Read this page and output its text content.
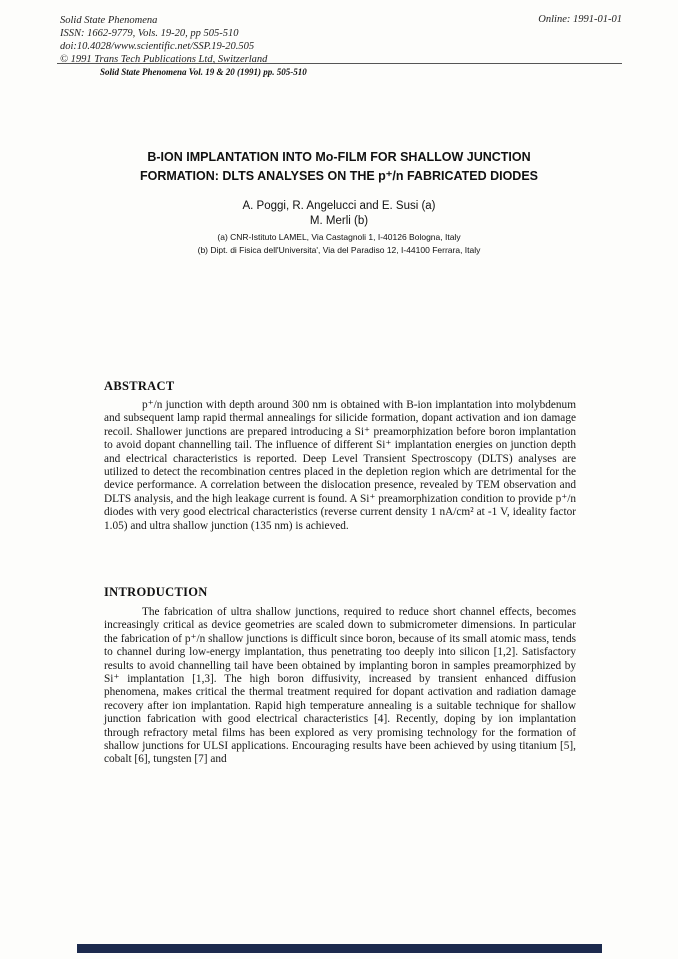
Solid State Phenomena
ISSN: 1662-9779, Vols. 19-20, pp 505-510
doi:10.4028/www.scientific.net/SSP.19-20.505
© 1991 Trans Tech Publications Ltd, Switzerland
Online: 1991-01-01
Solid State Phenomena Vol. 19 & 20 (1991) pp. 505-510
B-ION IMPLANTATION INTO Mo-FILM FOR SHALLOW JUNCTION
FORMATION: DLTS ANALYSES ON THE p⁺/n FABRICATED DIODES
A. Poggi, R. Angelucci and E. Susi (a)
M. Merli (b)
(a) CNR-Istituto LAMEL, Via Castagnoli 1, I-40126 Bologna, Italy
(b) Dipt. di Fisica dell'Universita', Via del Paradiso 12, I-44100 Ferrara, Italy
ABSTRACT

p⁺/n junction with depth around 300 nm is obtained with B-ion implantation into molybdenum and subsequent lamp rapid thermal annealings for silicide formation, dopant activation and ion damage recoil. Shallower junctions are prepared introducing a Si⁺ preamorphization before boron implantation to avoid dopant channelling tail. The influence of different Si⁺ implantation energies on junction depth and electrical characteristics is reported. Deep Level Transient Spectroscopy (DLTS) analyses are utilized to detect the recombination centres placed in the depletion region which are detrimental for the device performance. A correlation between the dislocation presence, revealed by TEM observation and DLTS analysis, and the high leakage current is found. A Si⁺ preamorphization condition to provide p⁺/n diodes with very good electrical characteristics (reverse current density 1 nA/cm² at -1 V, ideality factor 1.05) and ultra shallow junction (135 nm) is achieved.

INTRODUCTION

The fabrication of ultra shallow junctions, required to reduce short channel effects, becomes increasingly critical as device geometries are scaled down to submicrometer dimensions. In particular the fabrication of p⁺/n shallow junctions is difficult since boron, because of its small atomic mass, tends to channel during low-energy implantation, thus penetrating too deeply into silicon [1,2]. Satisfactory results to avoid channelling tail have been obtained by implanting boron in samples preamorphized by Si⁺ implantation [1,3]. The high boron diffusivity, increased by transient enhanced diffusion phenomena, makes critical the thermal treatment required for dopant activation and radiation damage recovery after ion implantation. Rapid high temperature annealing is a suitable technique for shallow junction fabrication with good electrical characteristics [4]. Recently, doping by ion implantation through refractory metal films has been explored as very promising technology for the formation of shallow junctions for ULSI applications. Encouraging results have been achieved by using titanium [5], cobalt [6], tungsten [7] and
